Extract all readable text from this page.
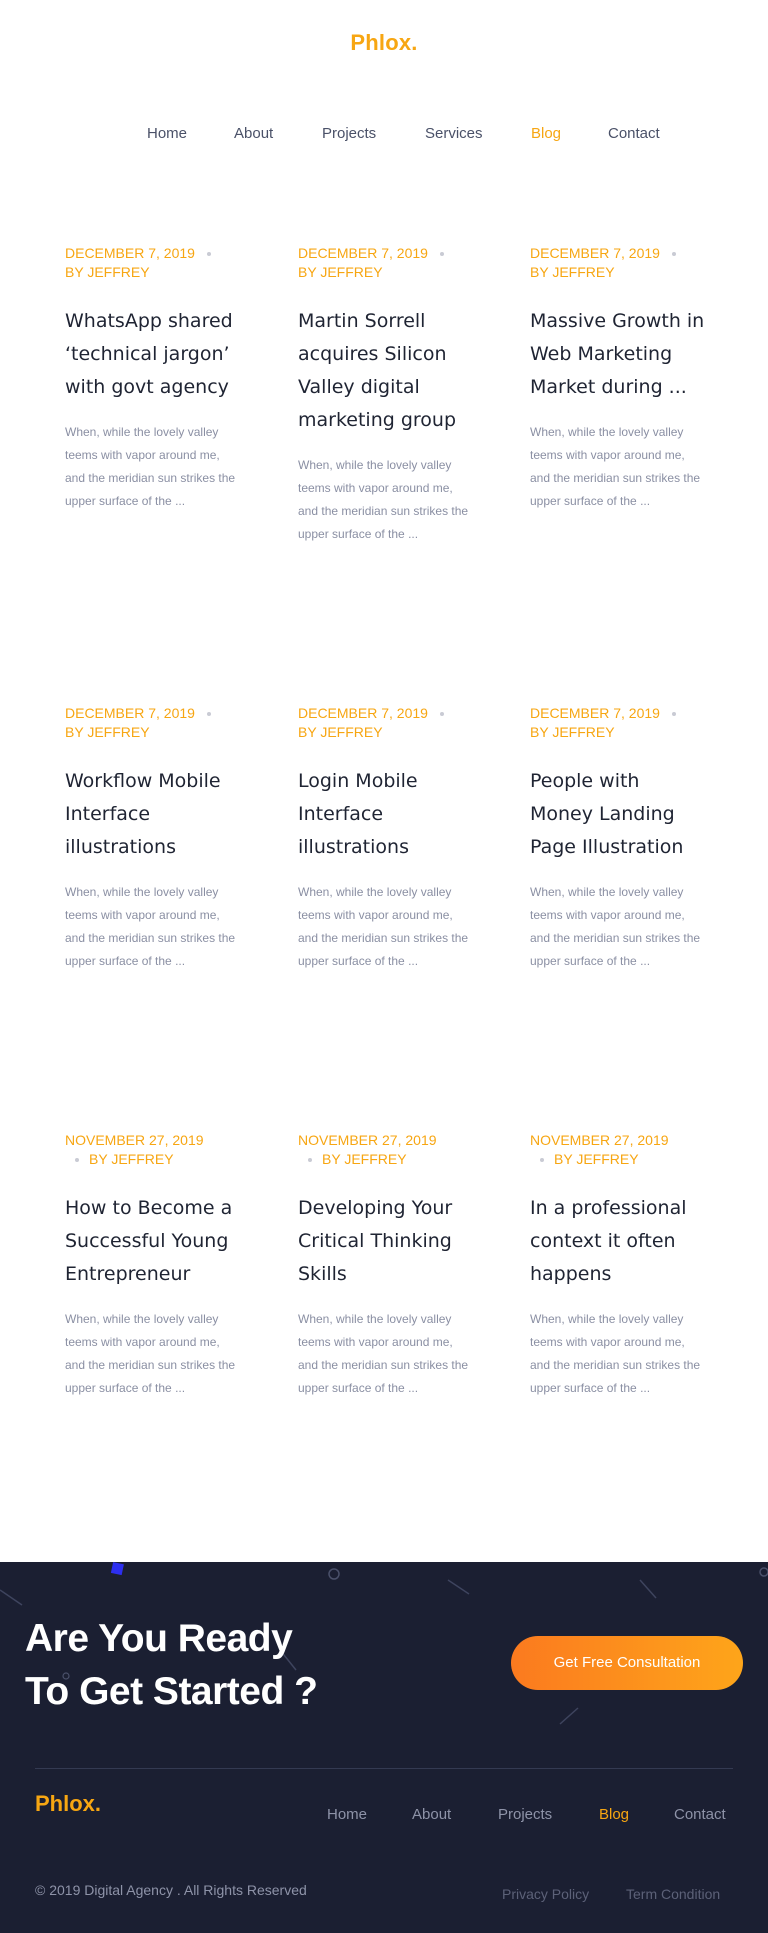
Phlox.
Home	About	Projects	Services	Blog	Contact
DECEMBER 7, 2019
BY JEFFREY
WhatsApp shared ‘technical jargon’ with govt agency

When, while the lovely valley teems with vapor around me, and the meridian sun strikes the upper surface of the ...

DECEMBER 7, 2019
BY JEFFREY
Martin Sorrell acquires Silicon Valley digital marketing group

When, while the lovely valley teems with vapor around me, and the meridian sun strikes the upper surface of the ...

DECEMBER 7, 2019
BY JEFFREY
Massive Growth in Web Marketing Market during ...

When, while the lovely valley teems with vapor around me, and the meridian sun strikes the upper surface of the ...

DECEMBER 7, 2019
BY JEFFREY
Workflow Mobile Interface illustrations

When, while the lovely valley teems with vapor around me, and the meridian sun strikes the upper surface of the ...

DECEMBER 7, 2019
BY JEFFREY
Login Mobile Interface illustrations

When, while the lovely valley teems with vapor around me, and the meridian sun strikes the upper surface of the ...

DECEMBER 7, 2019
BY JEFFREY
People with Money Landing Page Illustration

When, while the lovely valley teems with vapor around me, and the meridian sun strikes the upper surface of the ...

NOVEMBER 27, 2019
BY JEFFREY
How to Become a Successful Young Entrepreneur

When, while the lovely valley teems with vapor around me, and the meridian sun strikes the upper surface of the ...

NOVEMBER 27, 2019
BY JEFFREY
Developing Your Critical Thinking Skills

When, while the lovely valley teems with vapor around me, and the meridian sun strikes the upper surface of the ...

NOVEMBER 27, 2019
BY JEFFREY
In a professional context it often happens

When, while the lovely valley teems with vapor around me, and the meridian sun strikes the upper surface of the ...

Are You Ready
To Get Started ?
Get Free Consultation
Phlox.	Home	About	Projects	Blog	Contact
© 2019 Digital Agency . All Rights Reserved	Privacy Policy	Term Condition
